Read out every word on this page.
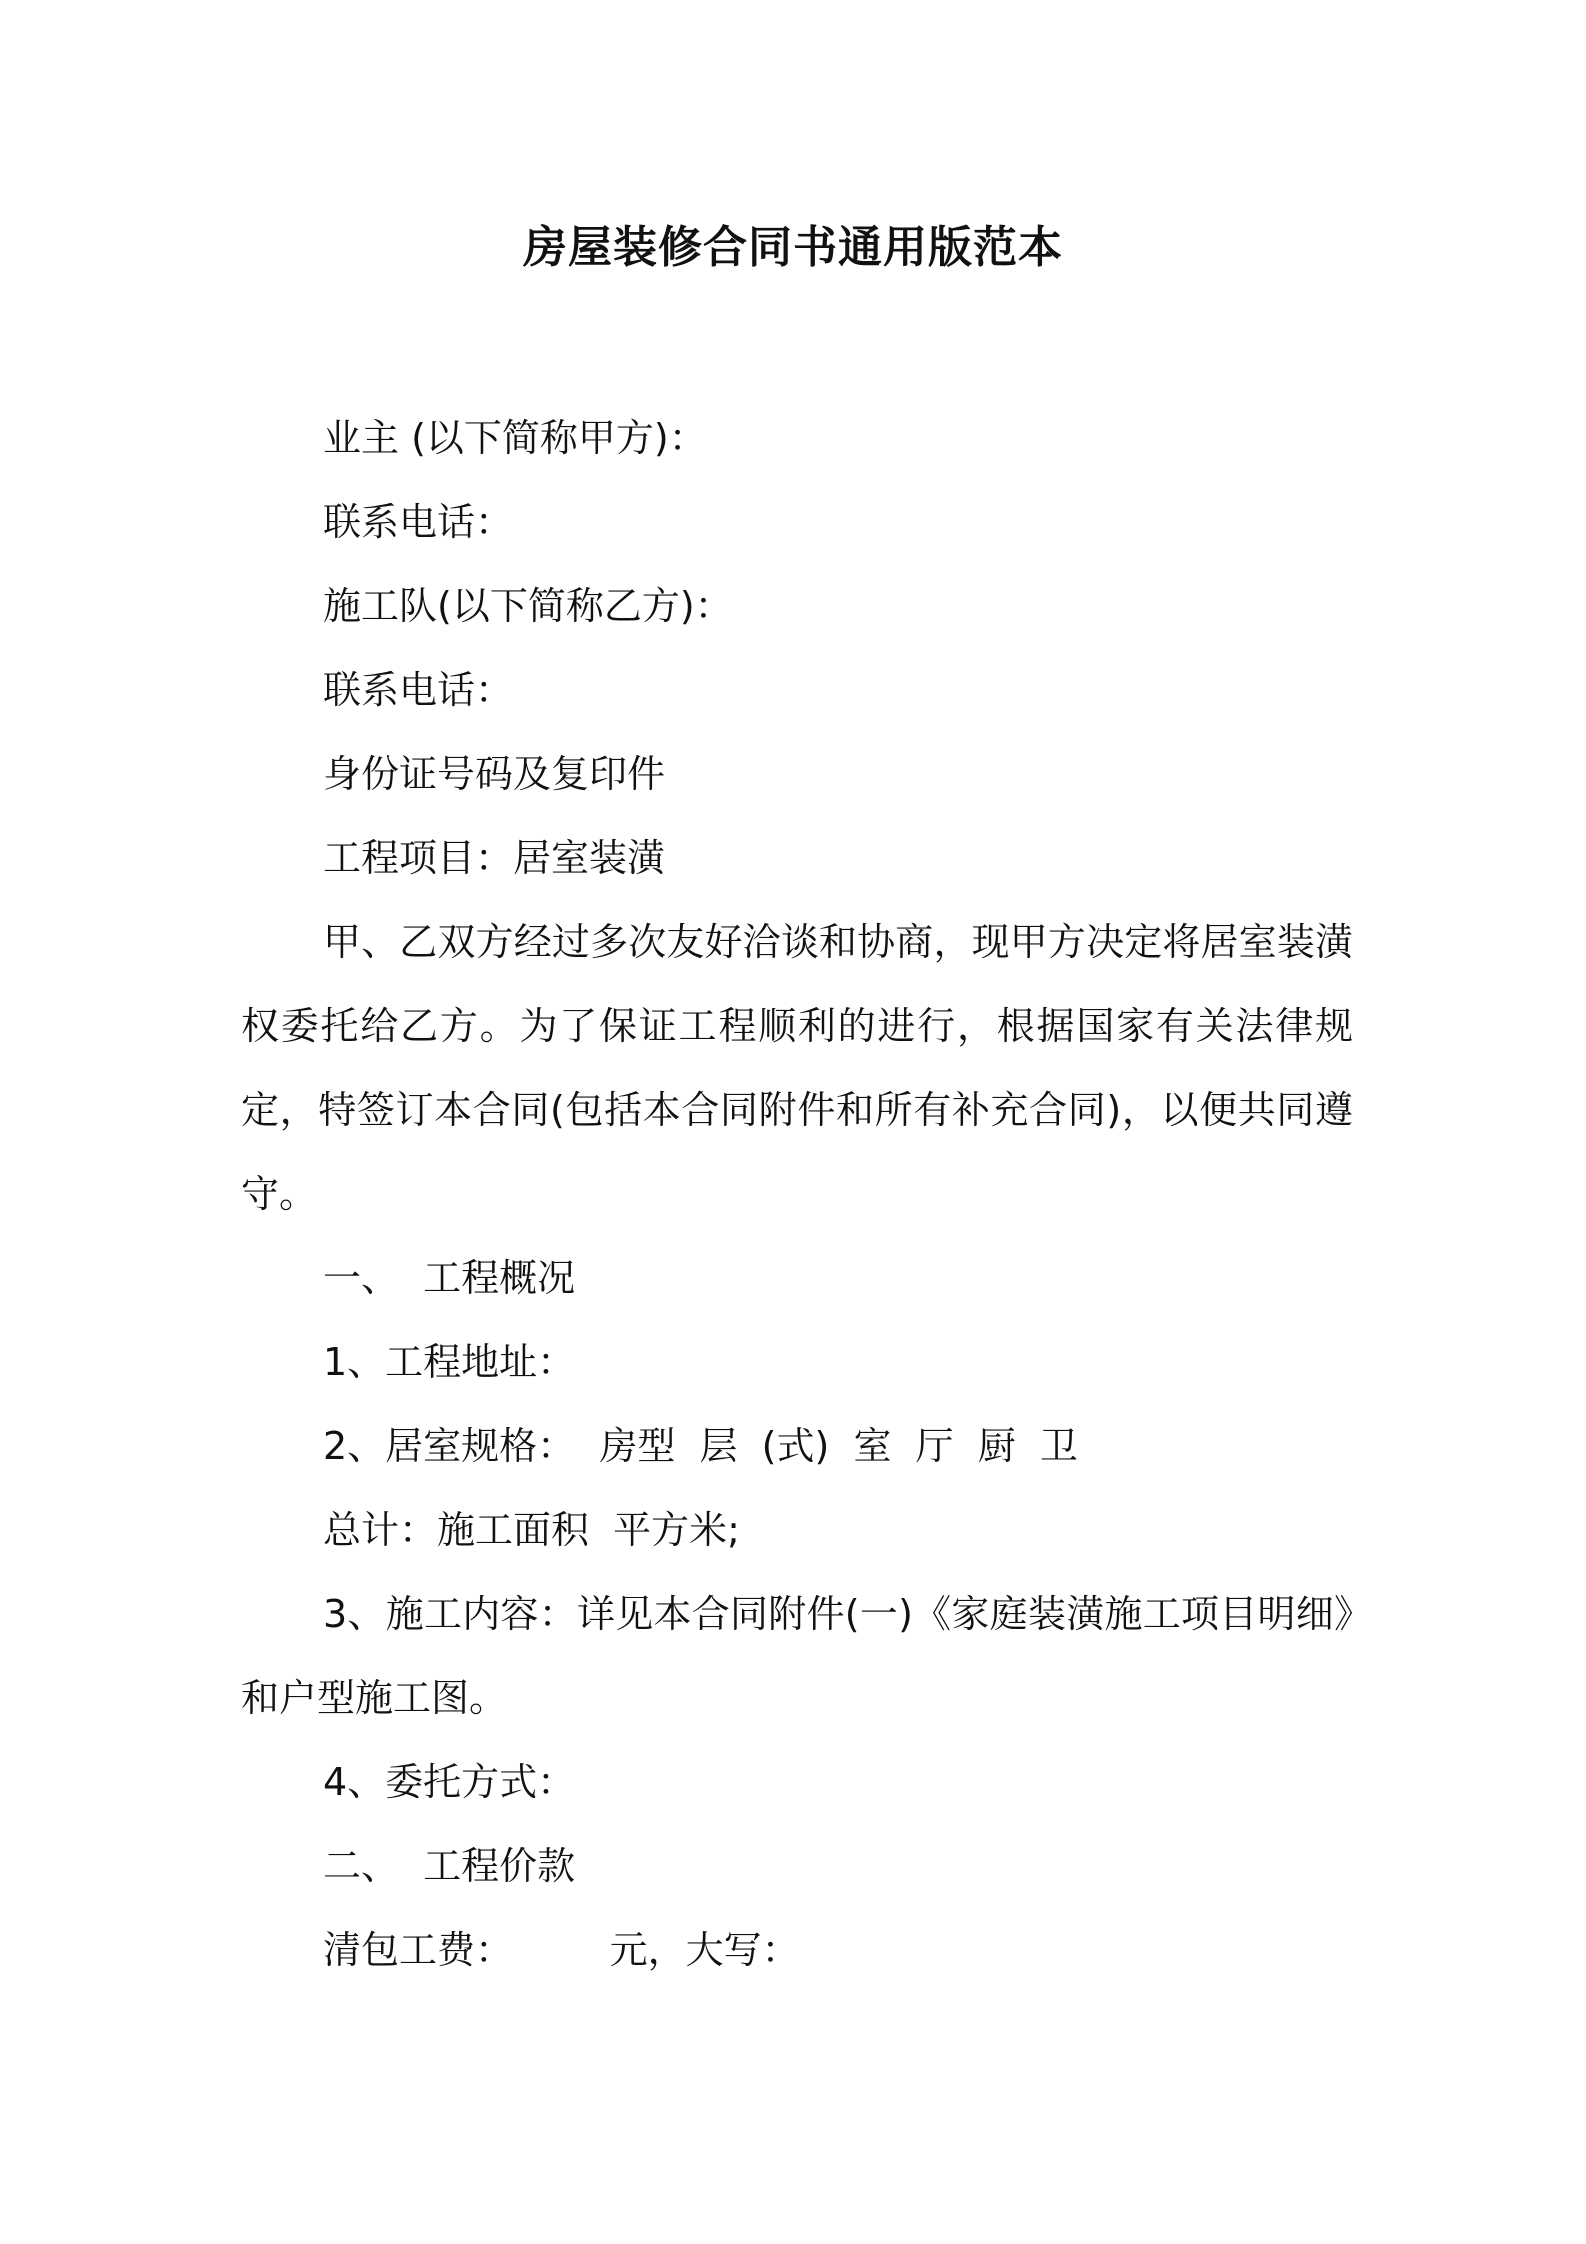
房屋装修合同书通用版范本
业主 (以下简称甲方)：
联系电话：
施工队(以下简称乙方)：
联系电话：
身份证号码及复印件
工程项目：居室装潢
甲、乙双方经过多次友好洽谈和协商，现甲方决定将居室装潢权委托给乙方。为了保证工程顺利的进行，根据国家有关法律规定，特签订本合同(包括本合同附件和所有补充合同)，以便共同遵守。
一、  工程概况
1、工程地址：
2、居室规格：  房型  层  (式)  室  厅  厨  卫
总计：施工面积  平方米;
3、施工内容：详见本合同附件(一)《家庭装潢施工项目明细》和户型施工图。
4、委托方式：
二、  工程价款
清包工费：        元，大写：
